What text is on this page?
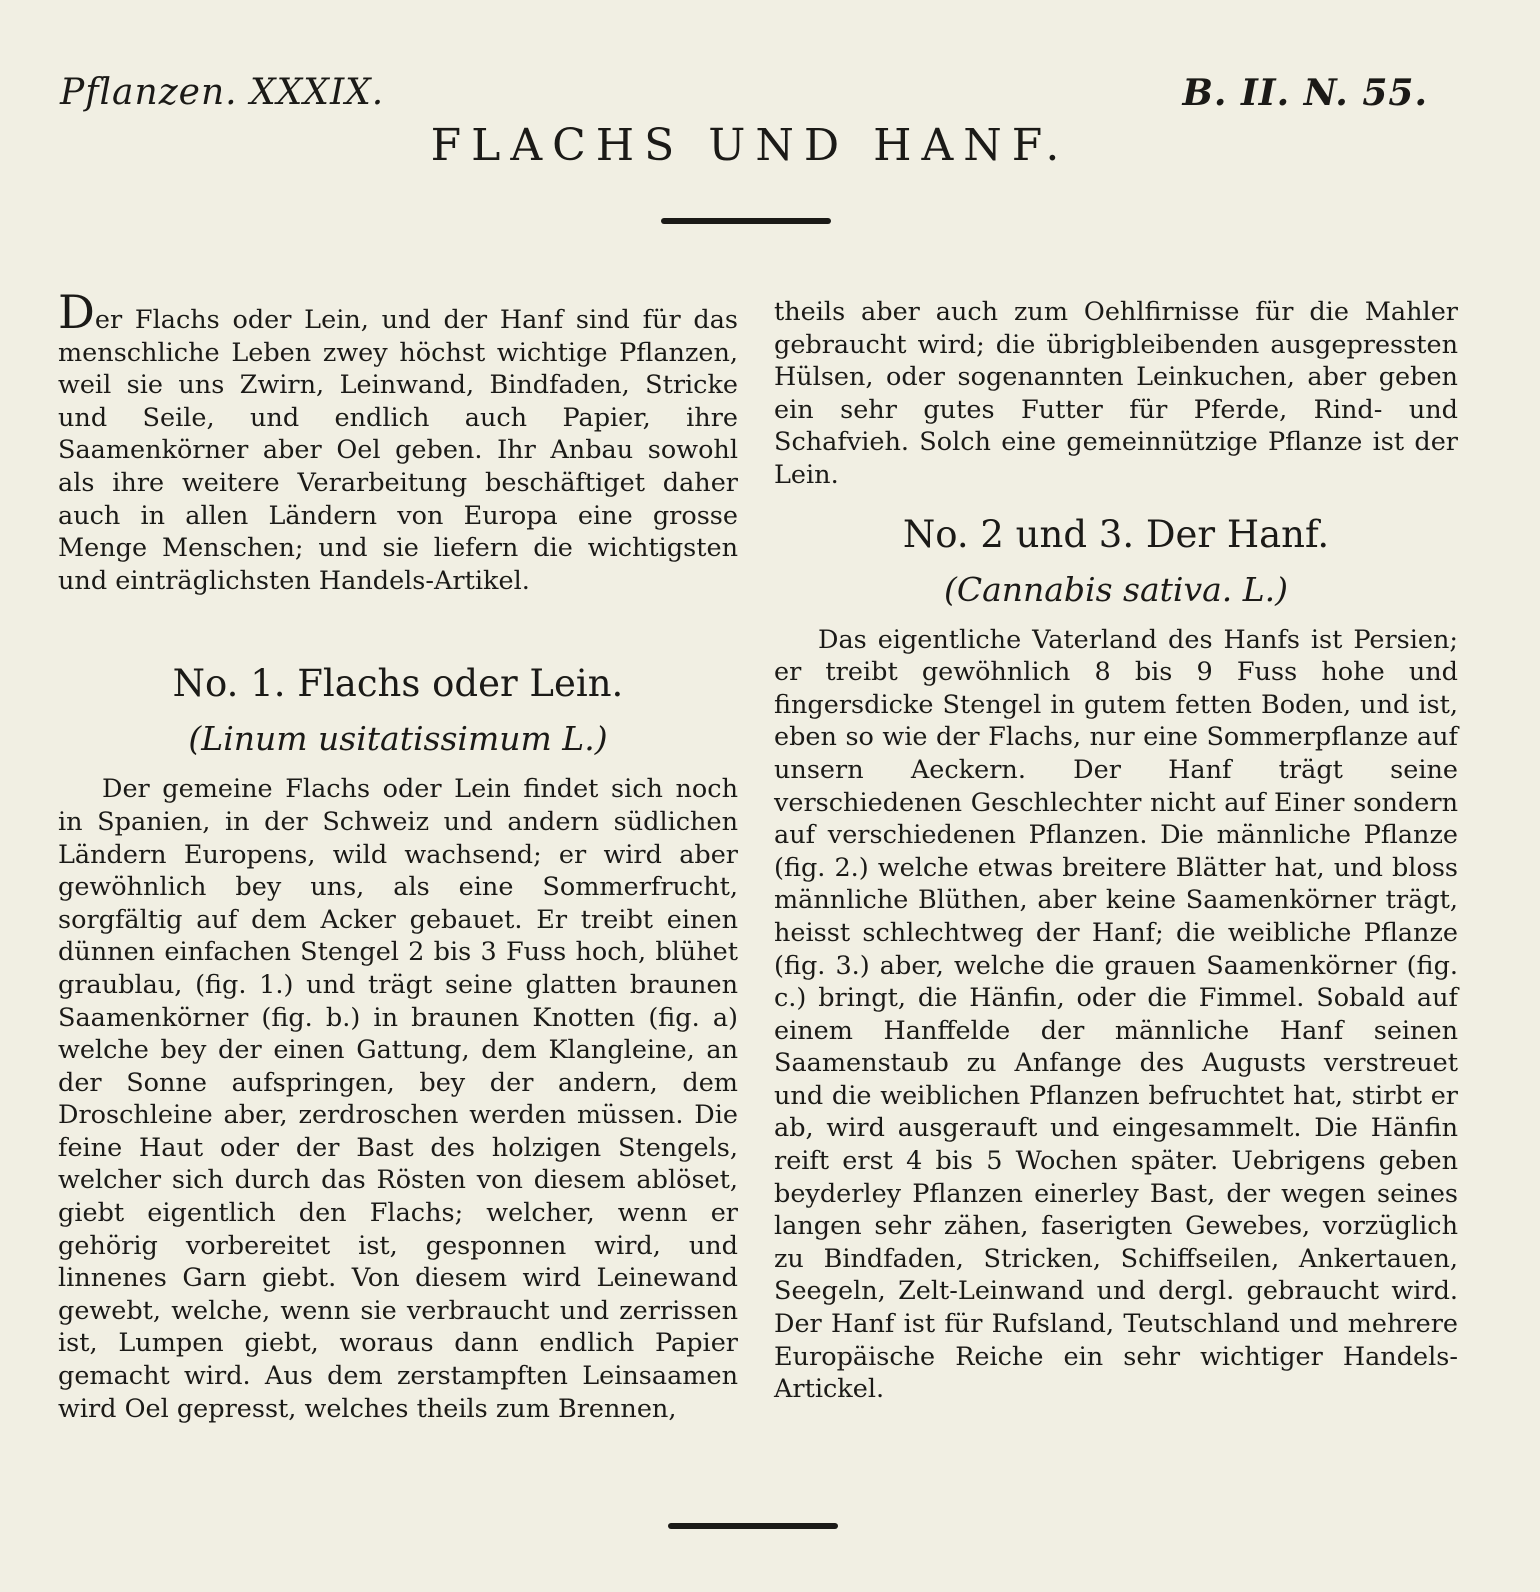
Pflanzen. XXXIX.	B. II. N. 55.
FLACHS UND HANF.

Der Flachs oder Lein, und der Hanf sind für das menschliche Leben zwey höchst wichtige Pflanzen, weil sie uns Zwirn, Leinwand, Bindfaden, Stricke und Seile, und endlich auch Papier, ihre Saamenkörner aber Oel geben. Ihr Anbau sowohl als ihre weitere Verarbeitung beschäftiget daher auch in allen Ländern von Europa eine grosse Menge Menschen; und sie liefern die wichtigsten und einträglichsten Handels-Artikel.

No. 1. Flachs oder Lein.
(Linum usitatissimum L.)

Der gemeine Flachs oder Lein findet sich noch in Spanien, in der Schweiz und andern südlichen Ländern Europens, wild wachsend; er wird aber gewöhnlich bey uns, als eine Sommerfrucht, sorgfältig auf dem Acker gebauet. Er treibt einen dünnen einfachen Stengel 2 bis 3 Fuss hoch, blühet graublau, (fig. 1.) und trägt seine glatten braunen Saamenkörner (fig. b.) in braunen Knotten (fig. a) welche bey der einen Gattung, dem Klangleine, an der Sonne aufspringen, bey der andern, dem Droschleine aber, zerdroschen werden müssen. Die feine Haut oder der Bast des holzigen Stengels, welcher sich durch das Rösten von diesem ablöset, giebt eigentlich den Flachs; welcher, wenn er gehörig vorbereitet ist, gesponnen wird, und linnenes Garn giebt. Von diesem wird Leinewand gewebt, welche, wenn sie verbraucht und zerrissen ist, Lumpen giebt, woraus dann endlich Papier gemacht wird. Aus dem zerstampften Leinsaamen wird Oel gepresst, welches theils zum Brennen,

theils aber auch zum Oehlfirnisse für die Mahler gebraucht wird; die übrigbleibenden ausgepressten Hülsen, oder sogenannten Leinkuchen, aber geben ein sehr gutes Futter für Pferde, Rind- und Schafvieh. Solch eine gemeinnützige Pflanze ist der Lein.

No. 2 und 3. Der Hanf.
(Cannabis sativa. L.)

Das eigentliche Vaterland des Hanfs ist Persien; er treibt gewöhnlich 8 bis 9 Fuss hohe und fingersdicke Stengel in gutem fetten Boden, und ist, eben so wie der Flachs, nur eine Sommerpflanze auf unsern Aeckern. Der Hanf trägt seine verschiedenen Geschlechter nicht auf Einer sondern auf verschiedenen Pflanzen. Die männliche Pflanze (fig. 2.) welche etwas breitere Blätter hat, und bloss männliche Blüthen, aber keine Saamenkörner trägt, heisst schlechtweg der Hanf; die weibliche Pflanze (fig. 3.) aber, welche die grauen Saamenkörner (fig. c.) bringt, die Hänfin, oder die Fimmel. Sobald auf einem Hanffelde der männliche Hanf seinen Saamenstaub zu Anfange des Augusts verstreuet und die weiblichen Pflanzen befruchtet hat, stirbt er ab, wird ausgerauft und eingesammelt. Die Hänfin reift erst 4 bis 5 Wochen später. Uebrigens geben beyderley Pflanzen einerley Bast, der wegen seines langen sehr zähen, faserigten Gewebes, vorzüglich zu Bindfaden, Stricken, Schiffseilen, Ankertauen, Seegeln, Zelt-Leinwand und dergl. gebraucht wird. Der Hanf ist für Rufsland, Teutschland und mehrere Europäische Reiche ein sehr wichtiger Handels-Artickel.
